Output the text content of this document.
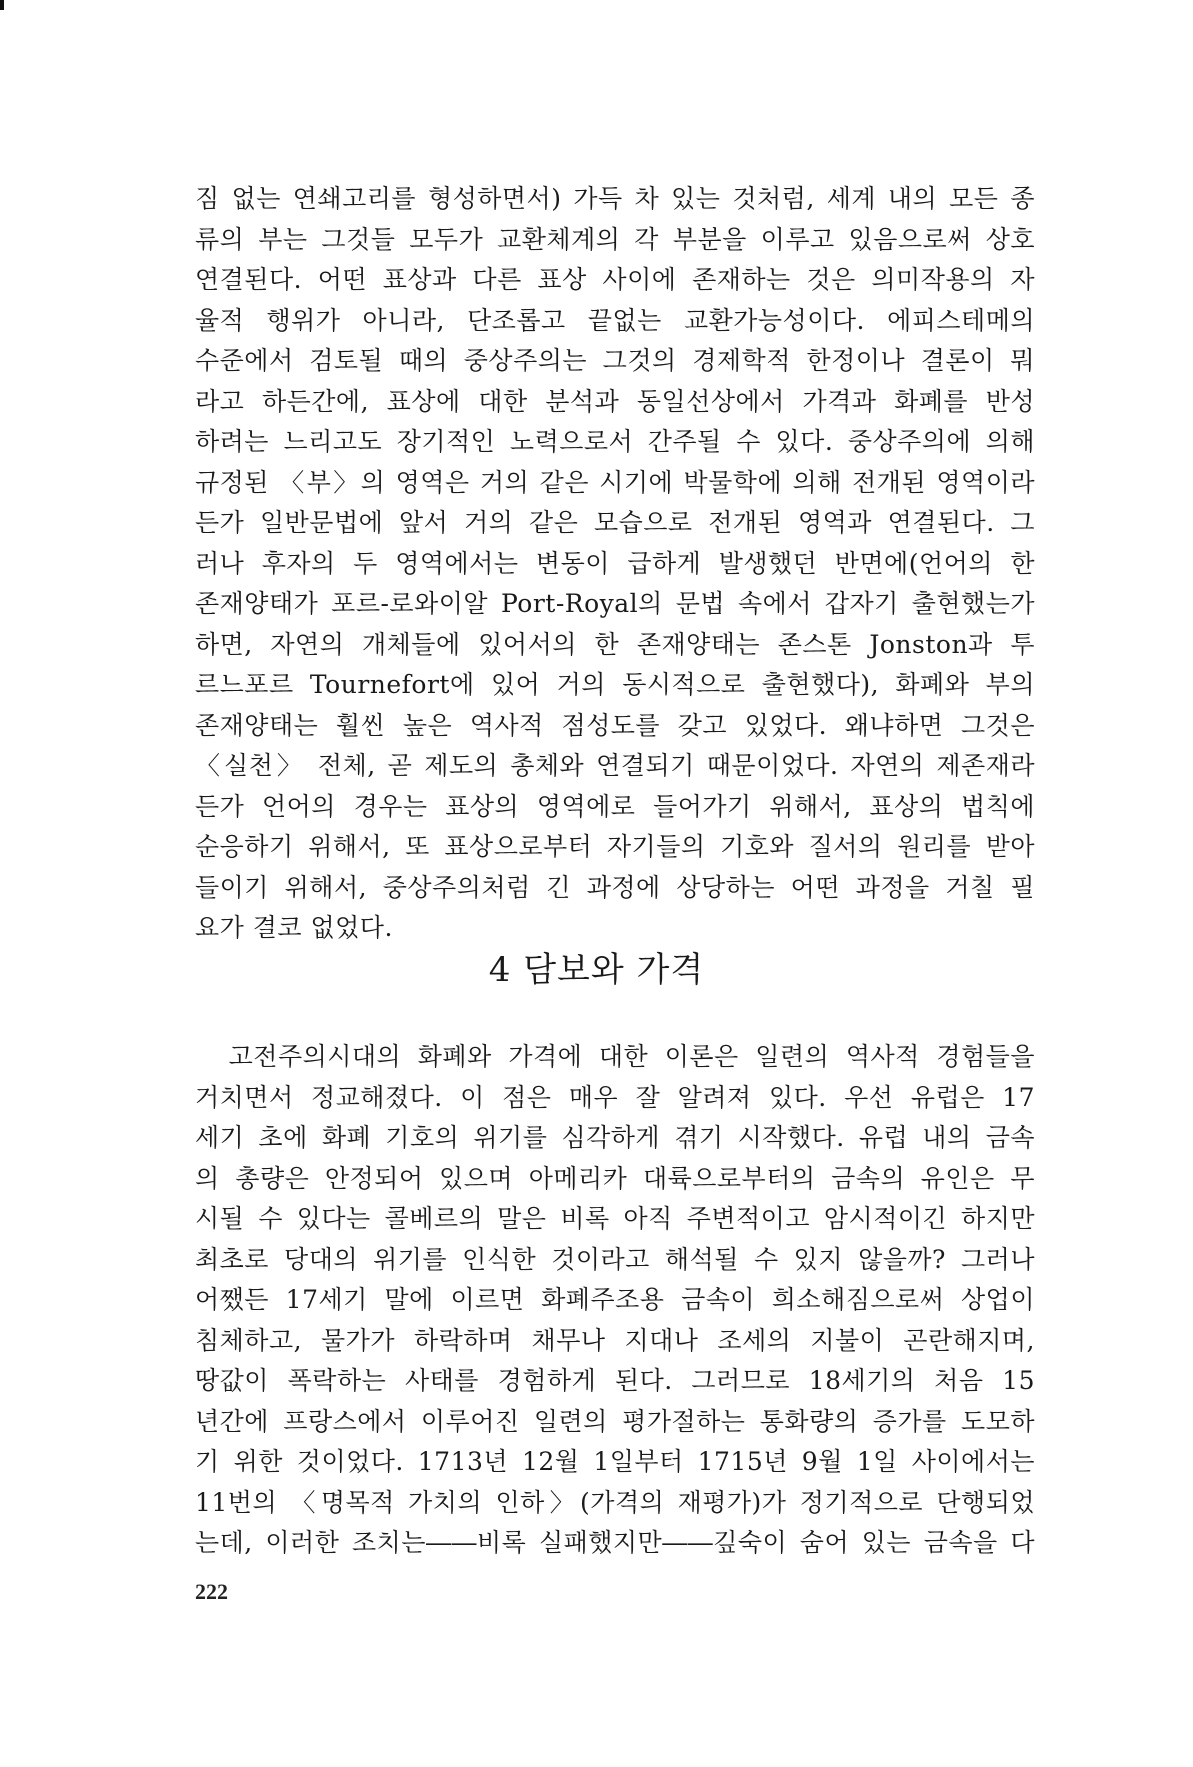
짐 없는 연쇄고리를 형성하면서) 가득 차 있는 것처럼, 세계 내의 모든 종
류의 부는 그것들 모두가 교환체계의 각 부분을 이루고 있음으로써 상호
연결된다. 어떤 표상과 다른 표상 사이에 존재하는 것은 의미작용의 자
율적 행위가 아니라, 단조롭고 끝없는 교환가능성이다. 에피스테메의
수준에서 검토될 때의 중상주의는 그것의 경제학적 한정이나 결론이 뭐
라고 하든간에, 표상에 대한 분석과 동일선상에서 가격과 화폐를 반성
하려는 느리고도 장기적인 노력으로서 간주될 수 있다. 중상주의에 의해
규정된 〈부〉의 영역은 거의 같은 시기에 박물학에 의해 전개된 영역이라
든가 일반문법에 앞서 거의 같은 모습으로 전개된 영역과 연결된다. 그
러나 후자의 두 영역에서는 변동이 급하게 발생했던 반면에(언어의 한
존재양태가 포르-로와이알 Port-Royal의 문법 속에서 갑자기 출현했는가
하면, 자연의 개체들에 있어서의 한 존재양태는 존스톤 Jonston과 투
르느포르 Tournefort에 있어 거의 동시적으로 출현했다), 화폐와 부의
존재양태는 훨씬 높은 역사적 점성도를 갖고 있었다. 왜냐하면 그것은
〈실천〉 전체, 곧 제도의 총체와 연결되기 때문이었다. 자연의 제존재라
든가 언어의 경우는 표상의 영역에로 들어가기 위해서, 표상의 법칙에
순응하기 위해서, 또 표상으로부터 자기들의 기호와 질서의 원리를 받아
들이기 위해서, 중상주의처럼 긴 과정에 상당하는 어떤 과정을 거칠 필
요가 결코 없었다.
4 담보와 가격
　고전주의시대의 화폐와 가격에 대한 이론은 일련의 역사적 경험들을
거치면서 정교해졌다. 이 점은 매우 잘 알려져 있다. 우선 유럽은 17
세기 초에 화폐 기호의 위기를 심각하게 겪기 시작했다. 유럽 내의 금속
의 총량은 안정되어 있으며 아메리카 대륙으로부터의 금속의 유인은 무
시될 수 있다는 콜베르의 말은 비록 아직 주변적이고 암시적이긴 하지만
최초로 당대의 위기를 인식한 것이라고 해석될 수 있지 않을까? 그러나
어쨌든 17세기 말에 이르면 화폐주조용 금속이 희소해짐으로써 상업이
침체하고, 물가가 하락하며 채무나 지대나 조세의 지불이 곤란해지며,
땅값이 폭락하는 사태를 경험하게 된다. 그러므로 18세기의 처음 15
년간에 프랑스에서 이루어진 일련의 평가절하는 통화량의 증가를 도모하
기 위한 것이었다. 1713년 12월 1일부터 1715년 9월 1일 사이에서는
11번의 〈명목적 가치의 인하〉(가격의 재평가)가 정기적으로 단행되었
는데, 이러한 조치는――비록 실패했지만――깊숙이 숨어 있는 금속을 다
222
